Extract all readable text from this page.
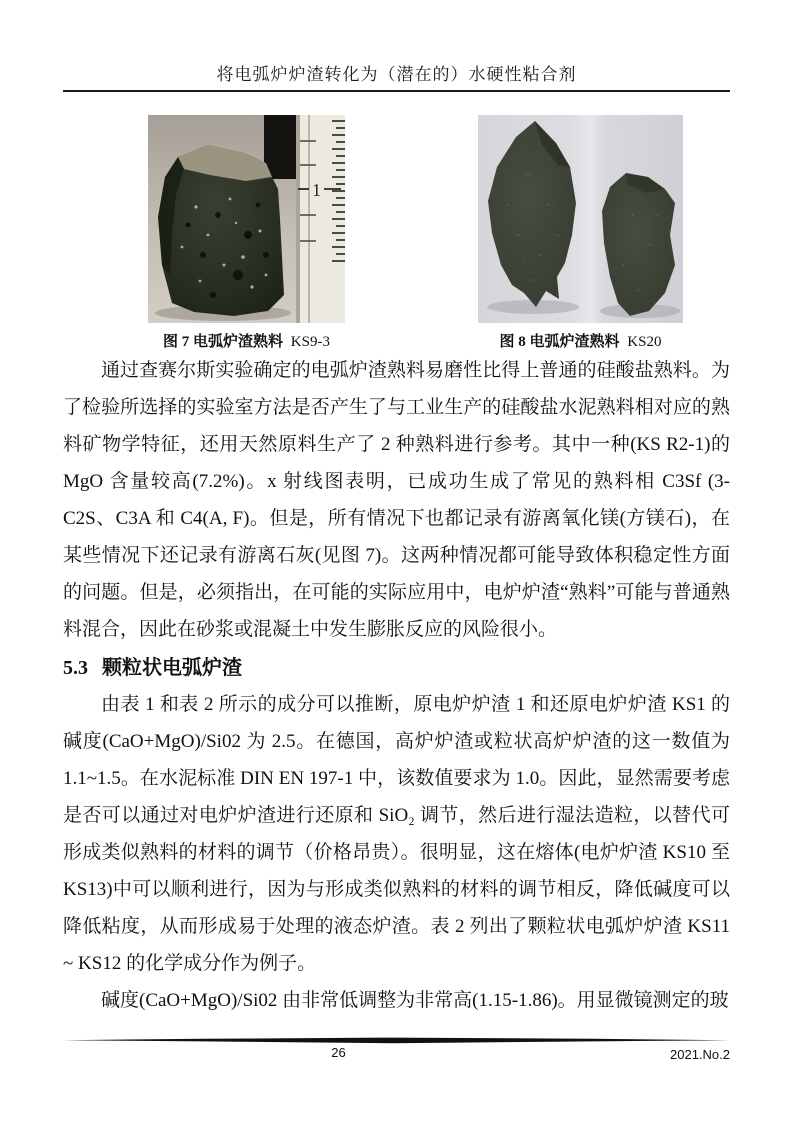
将电弧炉炉渣转化为（潜在的）水硬性粘合剂
1
图 7 电弧炉渣熟料 KS9-3	图 8 电弧炉渣熟料 KS20

通过查赛尔斯实验确定的电弧炉渣熟料易磨性比得上普通的硅酸盐熟料。为了检验所选择的实验室方法是否产生了与工业生产的硅酸盐水泥熟料相对应的熟料矿物学特征，还用天然原料生产了 2 种熟料进行参考。其中一种(KS R2-1)的MgO 含量较高(7.2%)。x 射线图表明，已成功生成了常见的熟料相 C3Sf (3-C2S、C3A 和 C4(A, F)。但是，所有情况下也都记录有游离氧化镁(方镁石)，在某些情况下还记录有游离石灰(见图 7)。这两种情况都可能导致体积稳定性方面的问题。但是，必须指出，在可能的实际应用中，电炉炉渣“熟料”可能与普通熟料混合，因此在砂浆或混凝土中发生膨胀反应的风险很小。

5.3 颗粒状电弧炉渣

由表 1 和表 2 所示的成分可以推断，原电炉炉渣 1 和还原电炉炉渣 KS1 的碱度(CaO+MgO)/Si02 为 2.5。在德国，高炉炉渣或粒状高炉炉渣的这一数值为 1.1~1.5。在水泥标准 DIN EN 197-1 中，该数值要求为 1.0。因此，显然需要考虑是否可以通过对电炉炉渣进行还原和 SiO₂ 调节，然后进行湿法造粒，以替代可形成类似熟料的材料的调节（价格昂贵）。很明显，这在熔体(电炉炉渣 KS10 至 KS13)中可以顺利进行，因为与形成类似熟料的材料的调节相反，降低碱度可以降低粘度，从而形成易于处理的液态炉渣。表 2 列出了颗粒状电弧炉炉渣 KS11 ~ KS12 的化学成分作为例子。

碱度(CaO+MgO)/Si02 由非常低调整为非常高(1.15-1.86)。用显微镜测定的玻

26	2021.No.2
